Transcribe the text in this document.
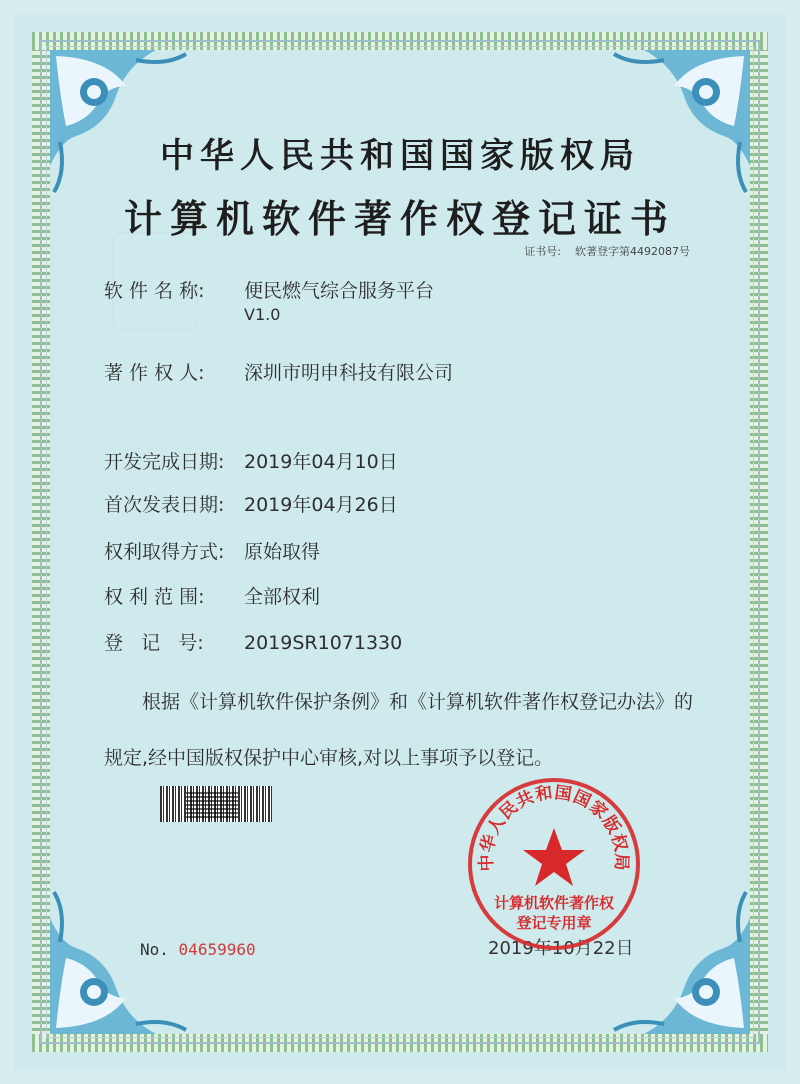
中华人民共和国国家版权局
计算机软件著作权登记证书
证书号: 软著登字第4492087号
软 件 名 称: 便民燃气综合服务平台
V1.0
著 作 权 人: 深圳市明申科技有限公司
开发完成日期: 2019年04月10日
首次发表日期: 2019年04月26日
权利取得方式: 原始取得
权 利 范 围: 全部权利
登   记   号: 2019SR1071330
根据《计算机软件保护条例》和《计算机软件著作权登记办法》的
规定,经中国版权保护中心审核,对以上事项予以登记。
No. 04659960	2019年10月22日
中华人民共和国国家版权局
计算机软件著作权
登记专用章
